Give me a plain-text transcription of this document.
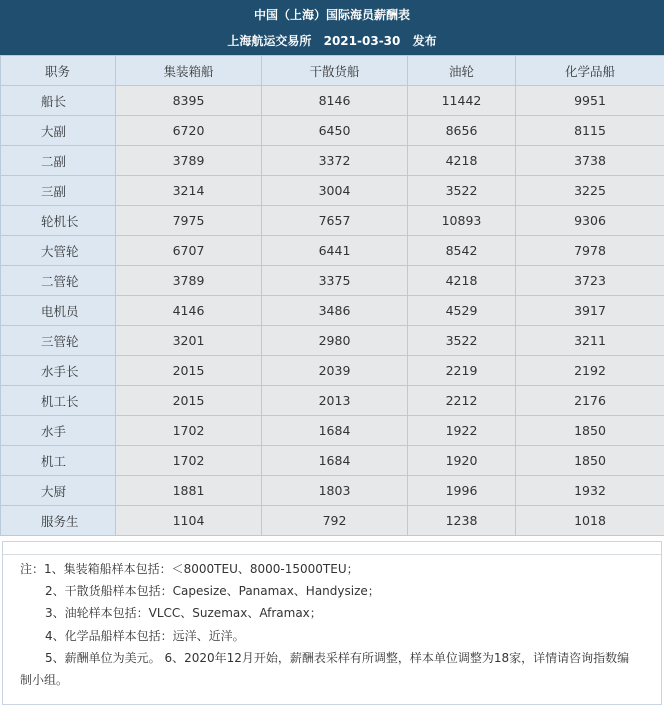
中国（上海）国际海员薪酬表
上海航运交易所 2021-03-30 发布
职务	集装箱船	干散货船	油轮	化学品船
船长	8395	8146	11442	9951
大副	6720	6450	8656	8115
二副	3789	3372	4218	3738
三副	3214	3004	3522	3225
轮机长	7975	7657	10893	9306
大管轮	6707	6441	8542	7978
二管轮	3789	3375	4218	3723
电机员	4146	3486	4529	3917
三管轮	3201	2980	3522	3211
水手长	2015	2039	2219	2192
机工长	2015	2013	2212	2176
水手	1702	1684	1922	1850
机工	1702	1684	1920	1850
大厨	1881	1803	1996	1932
服务生	1104	792	1238	1018
注：1、集装箱船样本包括：＜8000TEU、8000-15000TEU；
2、干散货船样本包括：Capesize、Panamax、Handysize；
3、油轮样本包括：VLCC、Suzemax、Aframax；
4、化学品船样本包括：远洋、近洋。
5、薪酬单位为美元。 6、2020年12月开始，薪酬表采样有所调整，样本单位调整为18家，详情请咨询指数编
制小组。
